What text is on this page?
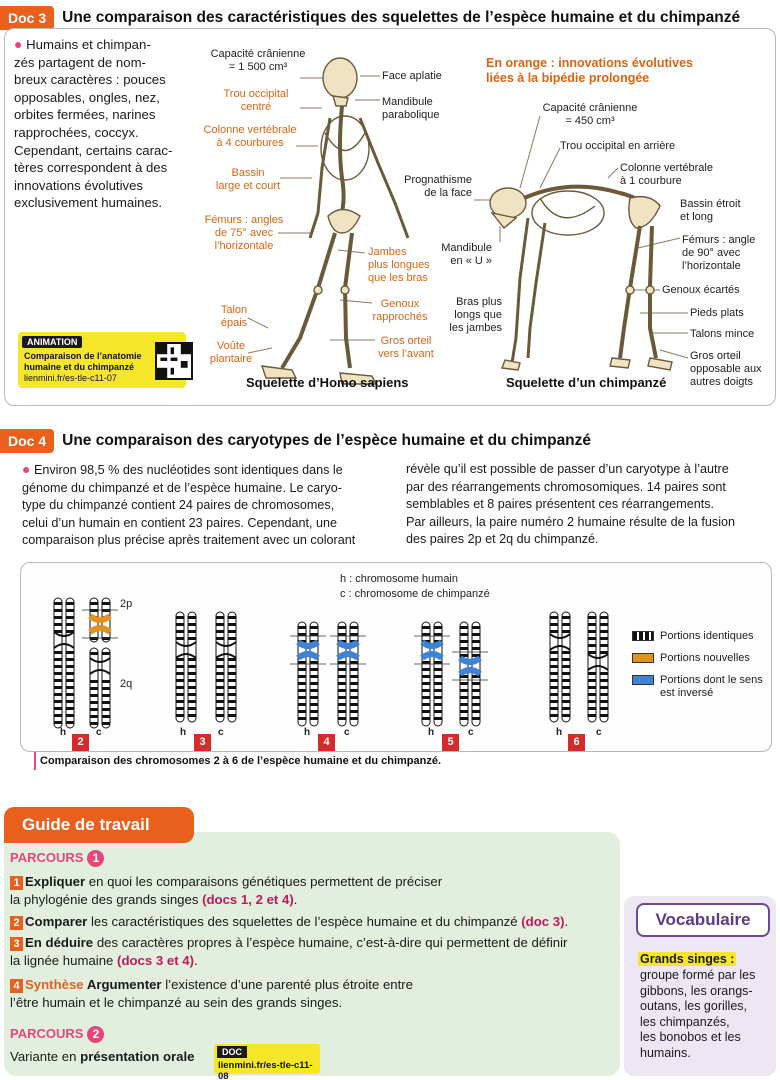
Doc 3	Une comparaison des caractéristiques des squelettes de l’espèce humaine et du chimpanzé
● Humains et chimpan-
zés partagent de nom-
breux caractères : pouces
opposables, ongles, nez,
orbites fermées, narines
rapprochées, coccyx.
Cependant, certains carac-
tères correspondent à des
innovations évolutives
exclusivement humaines.
En orange : innovations évolutives
liées à la bipédie prolongée
Capacité crânienne
= 1 500 cm³
Trou occipital
centré
Colonne vertébrale
à 4 courbures
Bassin
large et court
Fémurs : angles
de 75° avec
l’horizontale
Talon
épais
Voûte
plantaire
Face aplatie
Mandibule
parabolique
Jambes
plus longues
que les bras
Genoux
rapprochés
Gros orteil
vers l’avant
Capacité crânienne
= 450 cm³
Trou occipital en arrière
Colonne vertébrale
à 1 courbure
Bassin étroit
et long
Fémurs : angle
de 90° avec
l’horizontale
Genoux écartés
Pieds plats
Talons mince
Gros orteil
opposable aux
autres doigts
Prognathisme
de la face
Mandibule
en « U »
Bras plus
longs que
les jambes
ANIMATION
Comparaison de l’anatomie
humaine et du chimpanzé
lienmini.fr/es-tle-c11-07	Squelette d’Homo sapiens	Squelette d’un chimpanzé
Doc 4	Une comparaison des caryotypes de l’espèce humaine et du chimpanzé
● Environ 98,5 % des nucléotides sont identiques dans le
génome du chimpanzé et de l’espèce humaine. Le caryo-
type du chimpanzé contient 24 paires de chromosomes,
celui d’un humain en contient 23 paires. Cependant, une
comparaison plus précise après traitement avec un colorant
révèle qu’il est possible de passer d’un caryotype à l’autre
par des réarrangements chromosomiques. 14 paires sont
semblables et 8 paires présentent ces réarrangements.
Par ailleurs, la paire numéro 2 humaine résulte de la fusion
des paires 2p et 2q du chimpanzé.
h : chromosome humain
c : chromosome de chimpanzé
2p
2q
h
2
c	h
3
c	h
4
c	h
5
c	h
6
c
Portions identiques
Portions nouvelles
Portions dont le sens
est inversé
Comparaison des chromosomes 2 à 6 de l’espèce humaine et du chimpanzé.
Guide de travail
PARCOURS 1
1 Expliquer en quoi les comparaisons génétiques permettent de préciser
la phylogénie des grands singes (docs 1, 2 et 4).
2 Comparer les caractéristiques des squelettes de l’espèce humaine et du chimpanzé (doc 3).
3 En déduire des caractères propres à l’espèce humaine, c’est-à-dire qui permettent de définir
la lignée humaine (docs 3 et 4).
4 Synthèse Argumenter l’existence d’une parenté plus étroite entre
l’être humain et le chimpanzé au sein des grands singes.
PARCOURS 2
Variante en présentation orale	DOC
lienmini.fr/es-tle-c11-08
Vocabulaire
Grands singes :
groupe formé par les
gibbons, les orangs-
outans, les gorilles,
les chimpanzés,
les bonobos et les
humains.
